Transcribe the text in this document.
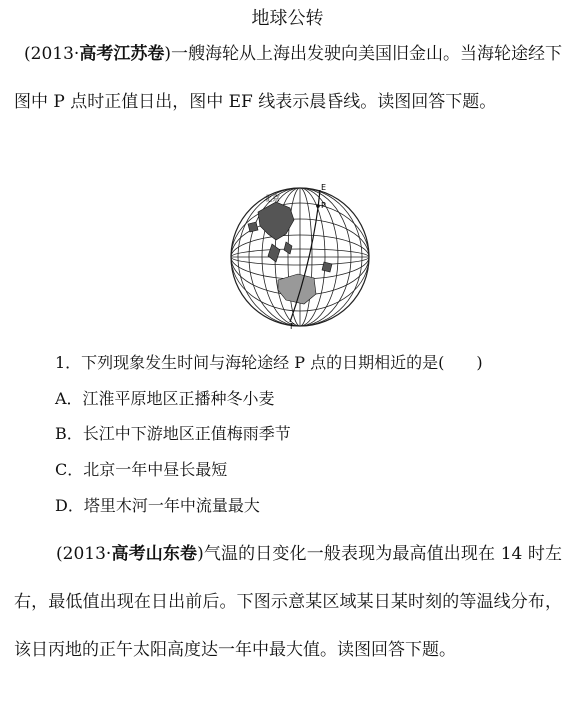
地球公转
(2013·高考江苏卷)一艘海轮从上海出发驶向美国旧金山。当海轮途经下图中 P 点时正值日出，图中 EF 线表示晨昏线。读图回答下题。
北京
E
P
F
1．下列现象发生时间与海轮途经 P 点的日期相近的是(　　)
A．江淮平原地区正播种冬小麦
B．长江中下游地区正值梅雨季节
C．北京一年中昼长最短
D．塔里木河一年中流量最大
(2013·高考山东卷)气温的日变化一般表现为最高值出现在 14 时左右，最低值出现在日出前后。下图示意某区域某日某时刻的等温线分布，该日丙地的正午太阳高度达一年中最大值。读图回答下题。
